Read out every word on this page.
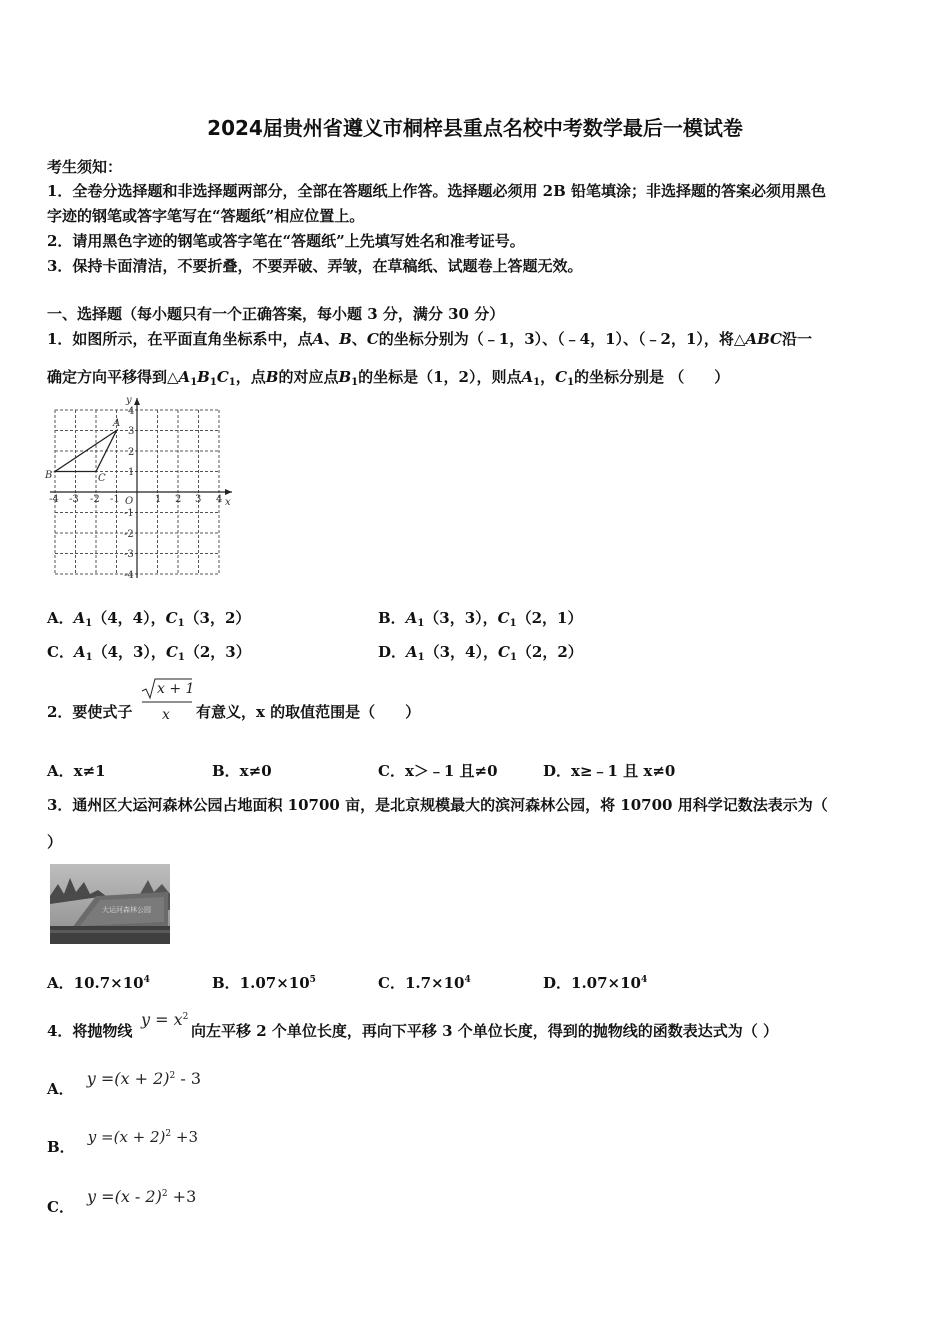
2024届贵州省遵义市桐梓县重点名校中考数学最后一模试卷
考生须知：
1．全卷分选择题和非选择题两部分，全部在答题纸上作答。选择题必须用 2B 铅笔填涂；非选择题的答案必须用黑色
字迹的钢笔或答字笔写在“答题纸”相应位置上。
2．请用黑色字迹的钢笔或答字笔在“答题纸”上先填写姓名和准考证号。
3．保持卡面清洁，不要折叠，不要弄破、弄皱，在草稿纸、试题卷上答题无效。
一、选择题（每小题只有一个正确答案，每小题 3 分，满分 30 分）
1．如图所示，在平面直角坐标系中，点A、B、C的坐标分别为（﹣1，3）、（﹣4，1）、（﹣2，1），将△ABC沿一
确定方向平移得到$\triangle A_1B_1C_1$，点B的对应点$B_1$的坐标是（1，2），则点$A_1$，$C_1$的坐标分别是 （　　）
y
x
O
A
B	C
-4 -3 -2 -1	1 2 3 4
4
3
2
1
-1
-2
-3
-4
A．$A_1(4$，4），$C_1(3$，2）	B．$A_1(3$，3），$C_1(2$，1）
C．$A_1(4$，3），$C_1(2$，3）	D．$A_1(3$，4），$C_1(2$，2）
2．要使式子
x + 1
x 有意义，x 的取值范围是（　　）
A．x≠1	B．x≠0	C．x＞﹣1 且≠0	D．x≥﹣1 且 x≠0
3．通州区大运河森林公园占地面积 10700 亩，是北京规模最大的滨河森林公园，将 10700 用科学记数法表示为（
）
大运河森林公园
A．$10.7\times 10^4$	B．$1.07\times 10^5$	C．$1.7\times 10^4$	D．$1.07\times 10^4$
4．将抛物线
$y = x^2$
向左平移 2 个单位长度，再向下平移 3 个单位长度，得到的抛物线的函数表达式为（ ）
A． $y =(x + 2)^2 - 3$
B． $y =(x + 2)^2 +3$
C． y =(x - 2)$^2$ +3
